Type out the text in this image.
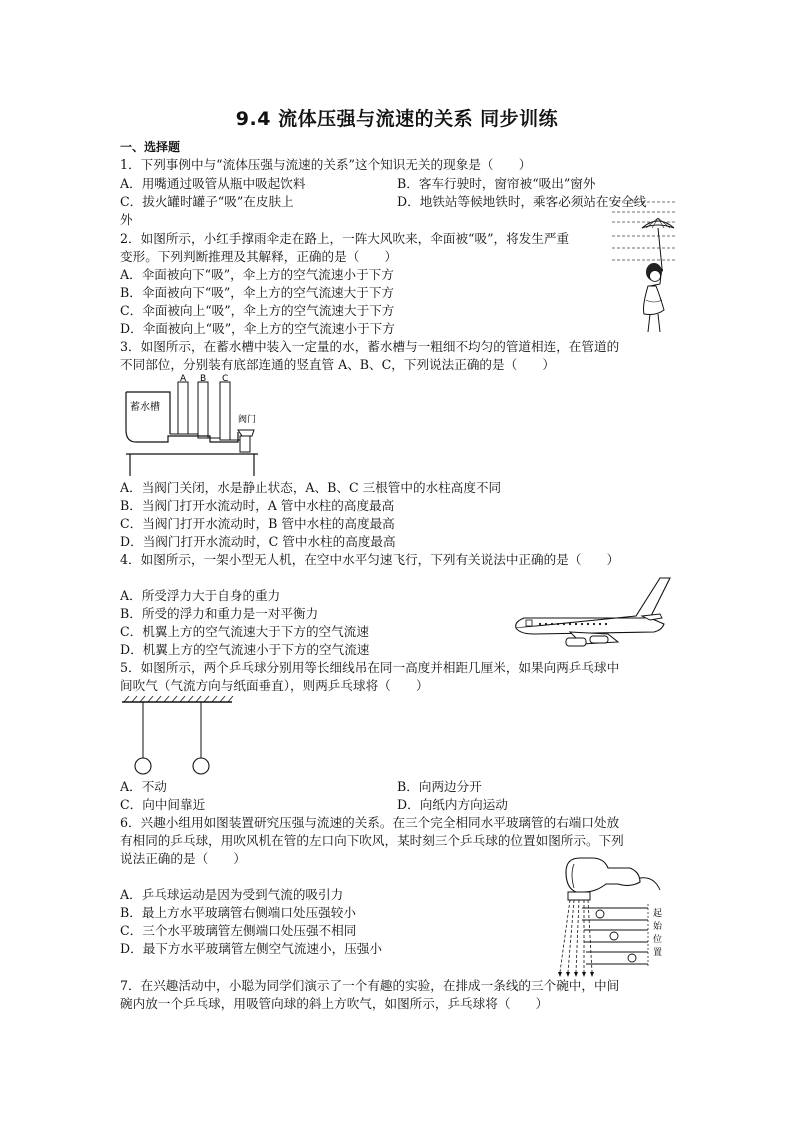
9.4 流体压强与流速的关系 同步训练
一、选择题
1．下列事例中与“流体压强与流速的关系”这个知识无关的现象是（　　）
A．用嘴通过吸管从瓶中吸起饮料	B．客车行驶时，窗帘被“吸出”窗外
C．拔火罐时罐子“吸”在皮肤上	D．地铁站等候地铁时，乘客必须站在安全线
外
2．如图所示，小红手撑雨伞走在路上，一阵大风吹来，伞面被“吸”，将发生严重
变形。下列判断推理及其解释，正确的是（　　）
A．伞面被向下“吸”，伞上方的空气流速小于下方
B．伞面被向下“吸”，伞上方的空气流速大于下方
C．伞面被向上“吸”，伞上方的空气流速大于下方
D．伞面被向上“吸”，伞上方的空气流速小于下方
3．如图所示，在蓄水槽中装入一定量的水，蓄水槽与一粗细不均匀的管道相连，在管道的
不同部位，分别装有底部连通的竖直管 A、B、C，下列说法正确的是（　　）
蓄水槽
A B C
阀门
A．当阀门关闭，水是静止状态，A、B、C 三根管中的水柱高度不同
B．当阀门打开水流动时，A 管中水柱的高度最高
C．当阀门打开水流动时，B 管中水柱的高度最高
D．当阀门打开水流动时，C 管中水柱的高度最高
4．如图所示，一架小型无人机，在空中水平匀速飞行，下列有关说法中正确的是（　　）
A．所受浮力大于自身的重力
B．所受的浮力和重力是一对平衡力
C．机翼上方的空气流速大于下方的空气流速
D．机翼上方的空气流速小于下方的空气流速
5．如图所示，两个乒乓球分别用等长细线吊在同一高度并相距几厘米，如果向两乒乓球中
间吹气（气流方向与纸面垂直），则两乒乓球将（　　）
A．不动	B．向两边分开
C．向中间靠近	D．向纸内方向运动
6．兴趣小组用如图装置研究压强与流速的关系。在三个完全相同水平玻璃管的右端口处放
有相同的乒乓球，用吹风机在管的左口向下吹风，某时刻三个乒乓球的位置如图所示。下列
说法正确的是（　　）
A．乒乓球运动是因为受到气流的吸引力
B．最上方水平玻璃管右侧端口处压强较小
C．三个水平玻璃管左侧端口处压强不相同
D．最下方水平玻璃管左侧空气流速小，压强小
起
始
位
置
7．在兴趣活动中，小聪为同学们演示了一个有趣的实验，在排成一条线的三个碗中，中间
碗内放一个乒乓球，用吸管向球的斜上方吹气，如图所示，乒乓球将（　　）
